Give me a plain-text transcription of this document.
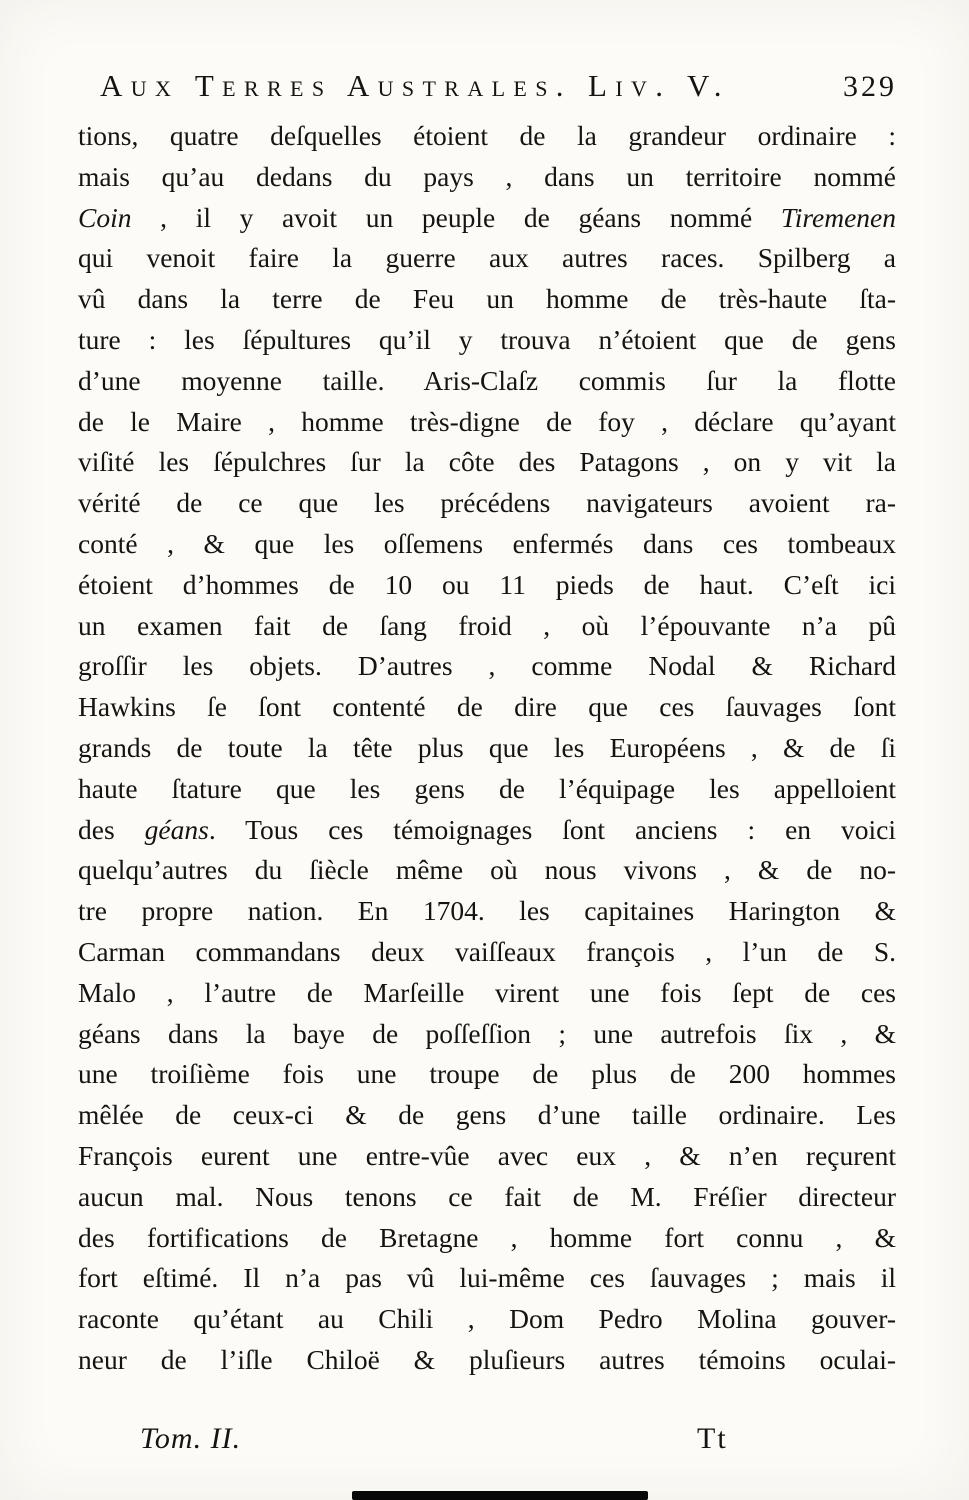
Aux Terres Australes. Liv. V.	329
tions, quatre deſquelles étoient de la grandeur ordinaire :
mais qu’au dedans du pays , dans un territoire nommé
Coin , il y avoit un peuple de géans nommé Tiremenen
qui venoit faire la guerre aux autres races. Spilberg a
vû dans la terre de Feu un homme de très-haute ſta-
ture : les ſépultures qu’il y trouva n’étoient que de gens
d’une moyenne taille. Aris-Claſz commis ſur la flotte
de le Maire , homme très-digne de foy , déclare qu’ayant
viſité les ſépulchres ſur la côte des Patagons , on y vit la
vérité de ce que les précédens navigateurs avoient ra-
conté , & que les oſſemens enfermés dans ces tombeaux
étoient d’hommes de 10 ou 11 pieds de haut. C’eſt ici
un examen fait de ſang froid , où l’épouvante n’a pû
groſſir les objets. D’autres , comme Nodal & Richard
Hawkins ſe ſont contenté de dire que ces ſauvages ſont
grands de toute la tête plus que les Européens , & de ſi
haute ſtature que les gens de l’équipage les appelloient
des géans. Tous ces témoignages ſont anciens : en voici
quelqu’autres du ſiècle même où nous vivons , & de no-
tre propre nation. En 1704. les capitaines Harington &
Carman commandans deux vaiſſeaux françois , l’un de S.
Malo , l’autre de Marſeille virent une fois ſept de ces
géans dans la baye de poſſeſſion ; une autrefois ſix , &
une troiſième fois une troupe de plus de 200 hommes
mêlée de ceux-ci & de gens d’une taille ordinaire. Les
François eurent une entre-vûe avec eux , & n’en reçurent
aucun mal. Nous tenons ce fait de M. Fréſier directeur
des fortifications de Bretagne , homme fort connu , &
fort eſtimé. Il n’a pas vû lui-même ces ſauvages ; mais il
raconte qu’étant au Chili , Dom Pedro Molina gouver-
neur de l’iſle Chiloë & pluſieurs autres témoins oculai-
Tom. II.	Tt
